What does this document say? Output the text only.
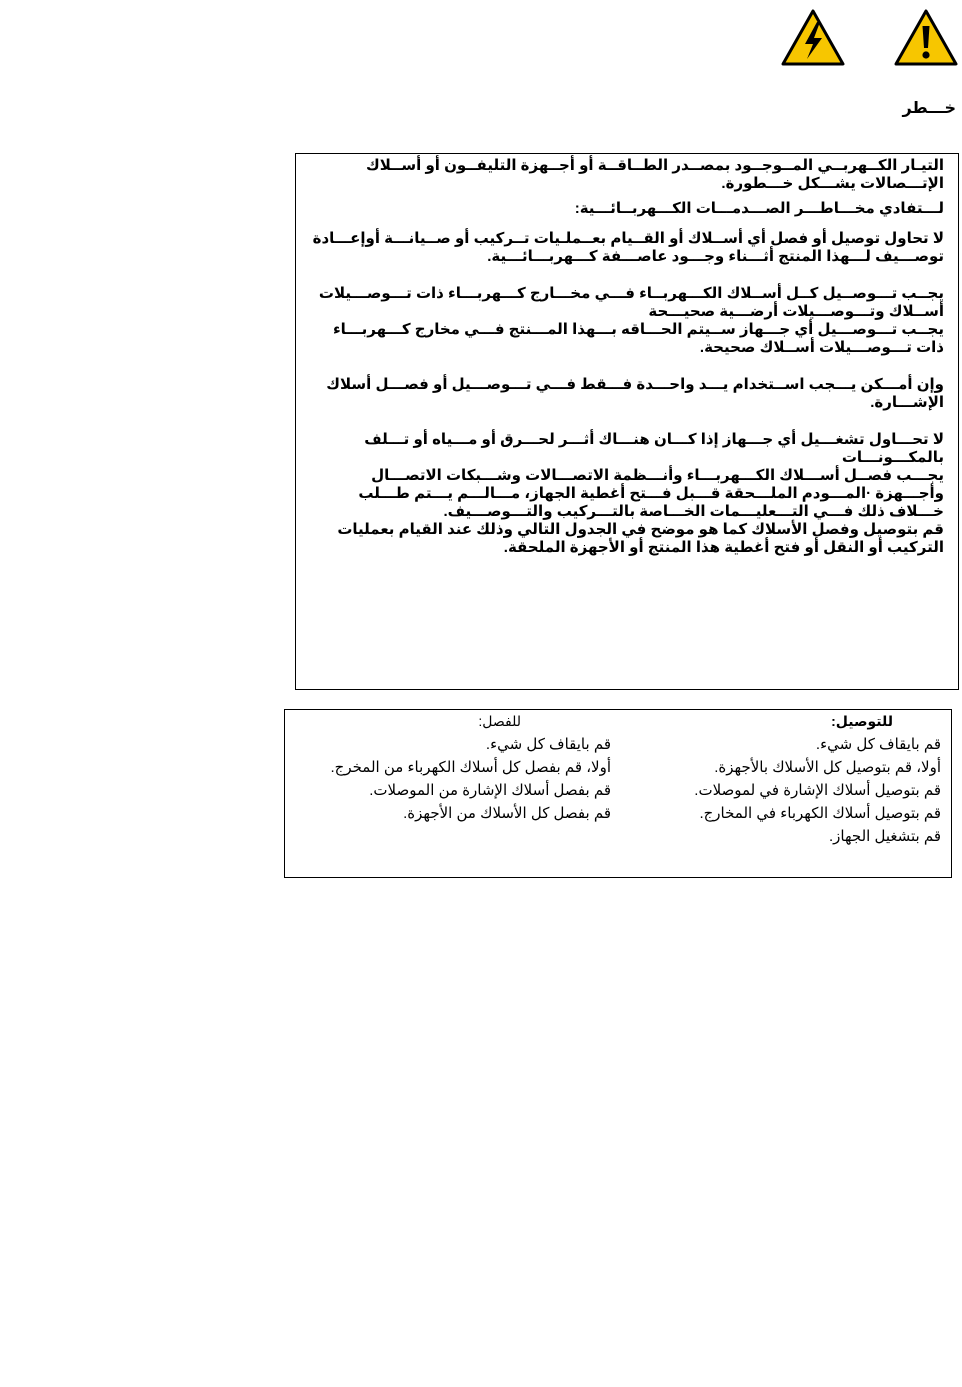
خـــطر

التيـار الكــهربــي المــوجــود بمصــدر الطــاقــة أو أجــهزة التليفــون أو أســلاك الإتـــصالات يشـــكل خـــطورة.

لـــتفادي مخـــاطـــر الصـــدمـــات الكـــهربــائـــية:

لا تحاول توصيل أو فصل أي أســلاك أو القــيام بعــملـيات تــركيب أو صــيانـــة أوإعـــادة توصـــيف لـــهذا المنتج أثـــناء وجـــود عاصـــفة كـــهربـــائـــية.

يجــب تـــوصــيل كــل أســلاك الكـــهربــاء فـــي مخـــارج كـــهربـــاء ذات تـــوصـــيلات أســلاك وتـــوصـــيلات أرضـــية صحيـــحة

يجــب تـــوصـــيل أي جـــهاز ســيتم الحـــاقه بـــهذا المـــنتج فـــي مخارج كـــهربـــاء ذات تـــوصـــيلات أســلاك صحيحة.

وإن أمـــكن يـــجب اســتخدام يـــد واحـــدة فـــقط فـــي تـــوصـــيل أو فصـــل أسلاك الإشـــارة.

لا تحـــاول تشغـــيل أي جـــهاز إذا كـــان هنـــاك أثـــر لحـــرق أو مـــياه أو تـــلف بالمكـــونـــات

يجـــب فصــل أســـلاك الكـــهربـــاء وأنـــظمة الاتصـــالات وشـــبكات الاتصـــال وأجـــهزة ·المـــودم الملـــحقة قـــبل فـــتح أغطية الجهاز، مـــالـــم يـــتم طـــلب خـــلاف ذلك فـــي التـــعليـــمات الخـــاصة بالتـــركيب والتـــوصـــيف.

قم بتوصيل وفصل الأسلاك كما هو موضح في الجدول التالي وذلك عند القيام بعمليات التركيب أو النقل أو فتح أغطية هذا المنتج أو الأجهزة الملحقة.

للتوصيل:
قم بايقاف كل شيء.
أولا، قم بتوصيل كل الأسلاك بالأجهزة.
قم بتوصيل أسلاك الإشارة في لموصلات.
قم بتوصيل أسلاك الكهرباء في المخارج.
قم بتشغيل الجهاز.
للفصل:
قم بايقاف كل شيء.
أولا، قم بفصل كل أسلاك الكهرباء من المخرج.
قم بفصل أسلاك الإشارة من الموصلات.
قم بفصل كل الأسلاك من الأجهزة.
